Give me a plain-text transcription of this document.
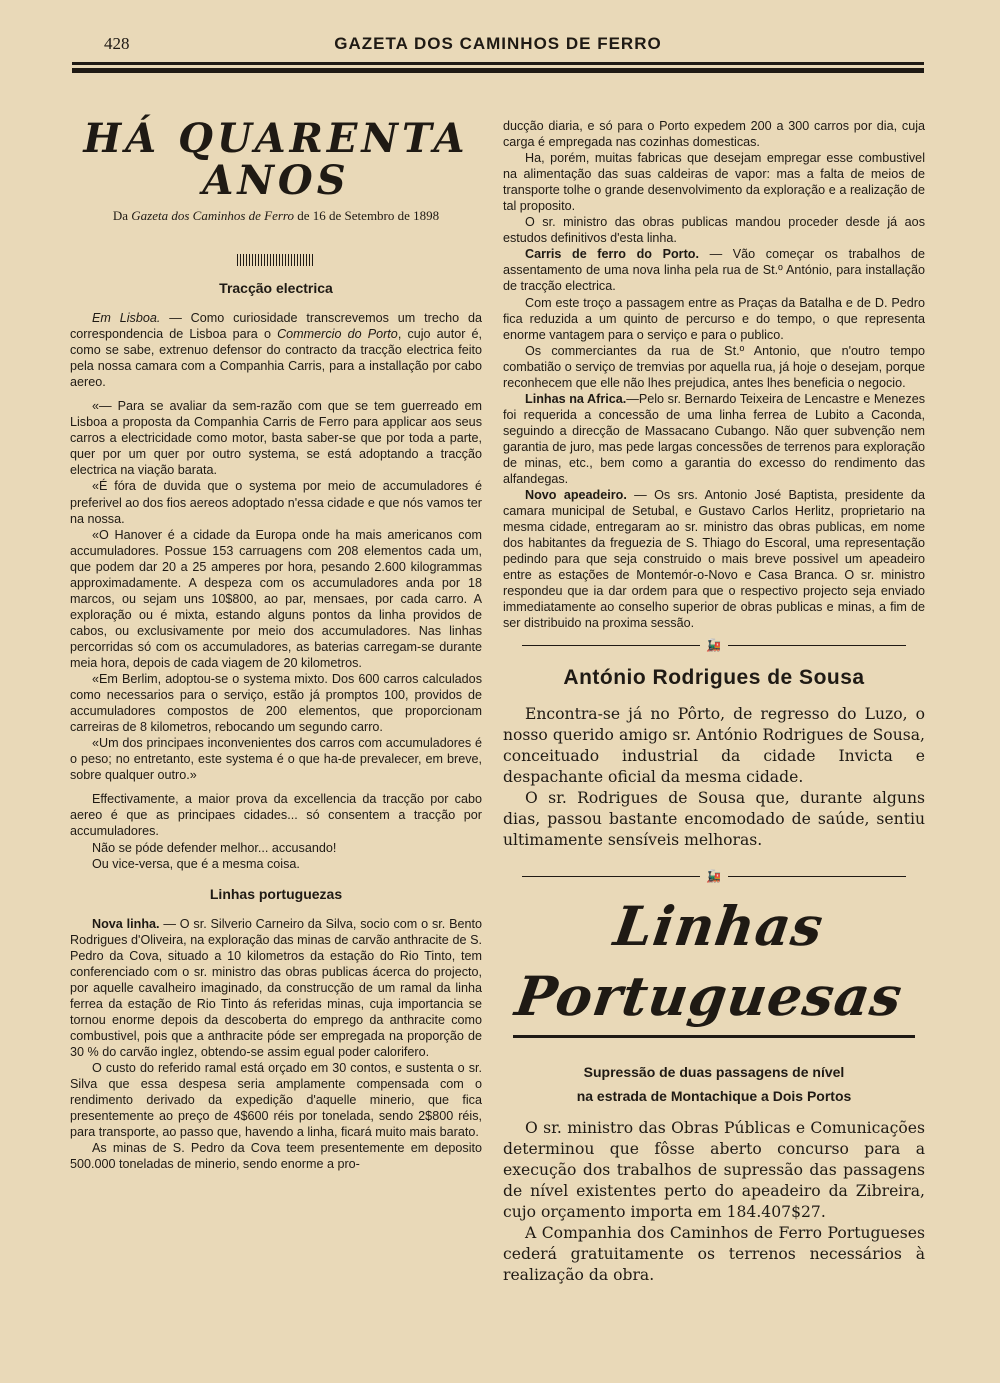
428	GAZETA DOS CAMINHOS DE FERRO
HÁ QUARENTA ANOS
Da Gazeta dos Caminhos de Ferro de 16 de Setembro de 1898
Tracção electrica

Em Lisboa. — Como curiosidade transcrevemos um trecho da correspondencia de Lisboa para o Commercio do Porto, cujo autor é, como se sabe, extrenuo defensor do contracto da tracção electrica feito pela nossa camara com a Companhia Carris, para a installação por cabo aereo.

«— Para se avaliar da sem-razão com que se tem guerreado em Lisboa a proposta da Companhia Carris de Ferro para applicar aos seus carros a electricidade como motor, basta saber-se que por toda a parte, quer por um quer por outro systema, se está adoptando a tracção electrica na viação barata.

«É fóra de duvida que o systema por meio de accumuladores é preferivel ao dos fios aereos adoptado n'essa cidade e que nós vamos ter na nossa.

«O Hanover é a cidade da Europa onde ha mais americanos com accumuladores. Possue 153 carruagens com 208 elementos cada um, que podem dar 20 a 25 amperes por hora, pesando 2.600 kilogrammas approximadamente. A despeza com os accumuladores anda por 18 marcos, ou sejam uns 10$800, ao par, mensaes, por cada carro. A exploração ou é mixta, estando alguns pontos da linha providos de cabos, ou exclusivamente por meio dos accumuladores. Nas linhas percorridas só com os accumuladores, as baterias carregam-se durante meia hora, depois de cada viagem de 20 kilometros.

«Em Berlim, adoptou-se o systema mixto. Dos 600 carros calculados como necessarios para o serviço, estão já promptos 100, providos de accumuladores compostos de 200 elementos, que proporcionam carreiras de 8 kilometros, rebocando um segundo carro.

«Um dos principaes inconvenientes dos carros com accumuladores é o peso; no entretanto, este systema é o que ha-de prevalecer, em breve, sobre qualquer outro.»

Effectivamente, a maior prova da excellencia da tracção por cabo aereo é que as principaes cidades... só consentem a tracção por accumuladores.

Não se póde defender melhor... accusando!

Ou vice-versa, que é a mesma coisa.

Linhas portuguezas

Nova linha. — O sr. Silverio Carneiro da Silva, socio com o sr. Bento Rodrigues d'Oliveira, na exploração das minas de carvão anthracite de S. Pedro da Cova, situado a 10 kilometros da estação do Rio Tinto, tem conferenciado com o sr. ministro das obras publicas ácerca do projecto, por aquelle cavalheiro imaginado, da construcção de um ramal da linha ferrea da estação de Rio Tinto ás referidas minas, cuja importancia se tornou enorme depois da descoberta do emprego da anthracite como combustivel, pois que a anthracite póde ser empregada na proporção de 30 % do carvão inglez, obtendo-se assim egual poder calorifero.

O custo do referido ramal está orçado em 30 contos, e sustenta o sr. Silva que essa despesa seria amplamente compensada com o rendimento derivado da expedição d'aquelle minerio, que fica presentemente ao preço de 4$600 réis por tonelada, sendo 2$800 réis, para transporte, ao passo que, havendo a linha, ficará muito mais barato.

As minas de S. Pedro da Cova teem presentemente em deposito 500.000 toneladas de minerio, sendo enorme a pro-

ducção diaria, e só para o Porto expedem 200 a 300 carros por dia, cuja carga é empregada nas cozinhas domesticas.

Ha, porém, muitas fabricas que desejam empregar esse combustivel na alimentação das suas caldeiras de vapor: mas a falta de meios de transporte tolhe o grande desenvolvimento da exploração e a realização de tal proposito.

O sr. ministro das obras publicas mandou proceder desde já aos estudos definitivos d'esta linha.

Carris de ferro do Porto. — Vão começar os trabalhos de assentamento de uma nova linha pela rua de St.º António, para installação de tracção electrica.

Com este troço a passagem entre as Praças da Batalha e de D. Pedro fica reduzida a um quinto de percurso e do tempo, o que representa enorme vantagem para o serviço e para o publico.

Os commerciantes da rua de St.º Antonio, que n'outro tempo combatião o serviço de tremvias por aquella rua, já hoje o desejam, porque reconhecem que elle não lhes prejudica, antes lhes beneficia o negocio.

Linhas na Africa.—Pelo sr. Bernardo Teixeira de Lencastre e Menezes foi requerida a concessão de uma linha ferrea de Lubito a Caconda, seguindo a direcção de Massacano Cubango. Não quer subvenção nem garantia de juro, mas pede largas concessões de terrenos para exploração de minas, etc., bem como a garantia do excesso do rendimento das alfandegas.

Novo apeadeiro. — Os srs. Antonio José Baptista, presidente da camara municipal de Setubal, e Gustavo Carlos Herlitz, proprietario na mesma cidade, entregaram ao sr. ministro das obras publicas, em nome dos habitantes da freguezia de S. Thiago do Escoral, uma representação pedindo para que seja construido o mais breve possivel um apeadeiro entre as estações de Montemór-o-Novo e Casa Branca. O sr. ministro respondeu que ia dar ordem para que o respectivo projecto seja enviado immediatamente ao conselho superior de obras publicas e minas, a fim de ser distribuido na proxima sessão.

🚂
António Rodrigues de Sousa

Encontra-se já no Pôrto, de regresso do Luzo, o nosso querido amigo sr. António Rodrigues de Sousa, conceituado industrial da cidade Invicta e despachante oficial da mesma cidade.

O sr. Rodrigues de Sousa que, durante alguns dias, passou bastante encomodado de saúde, sentiu ultimamente sensíveis melhoras.

🚂
Linhas Portuguesas
Supressão de duas passagens de nível
na estrada de Montachique a Dois Portos

O sr. ministro das Obras Públicas e Comunicações determinou que fôsse aberto concurso para a execução dos trabalhos de supressão das passagens de nível existentes perto do apeadeiro da Zibreira, cujo orçamento importa em 184.407$27.

A Companhia dos Caminhos de Ferro Portugueses cederá gratuitamente os terrenos necessários à realização da obra.
